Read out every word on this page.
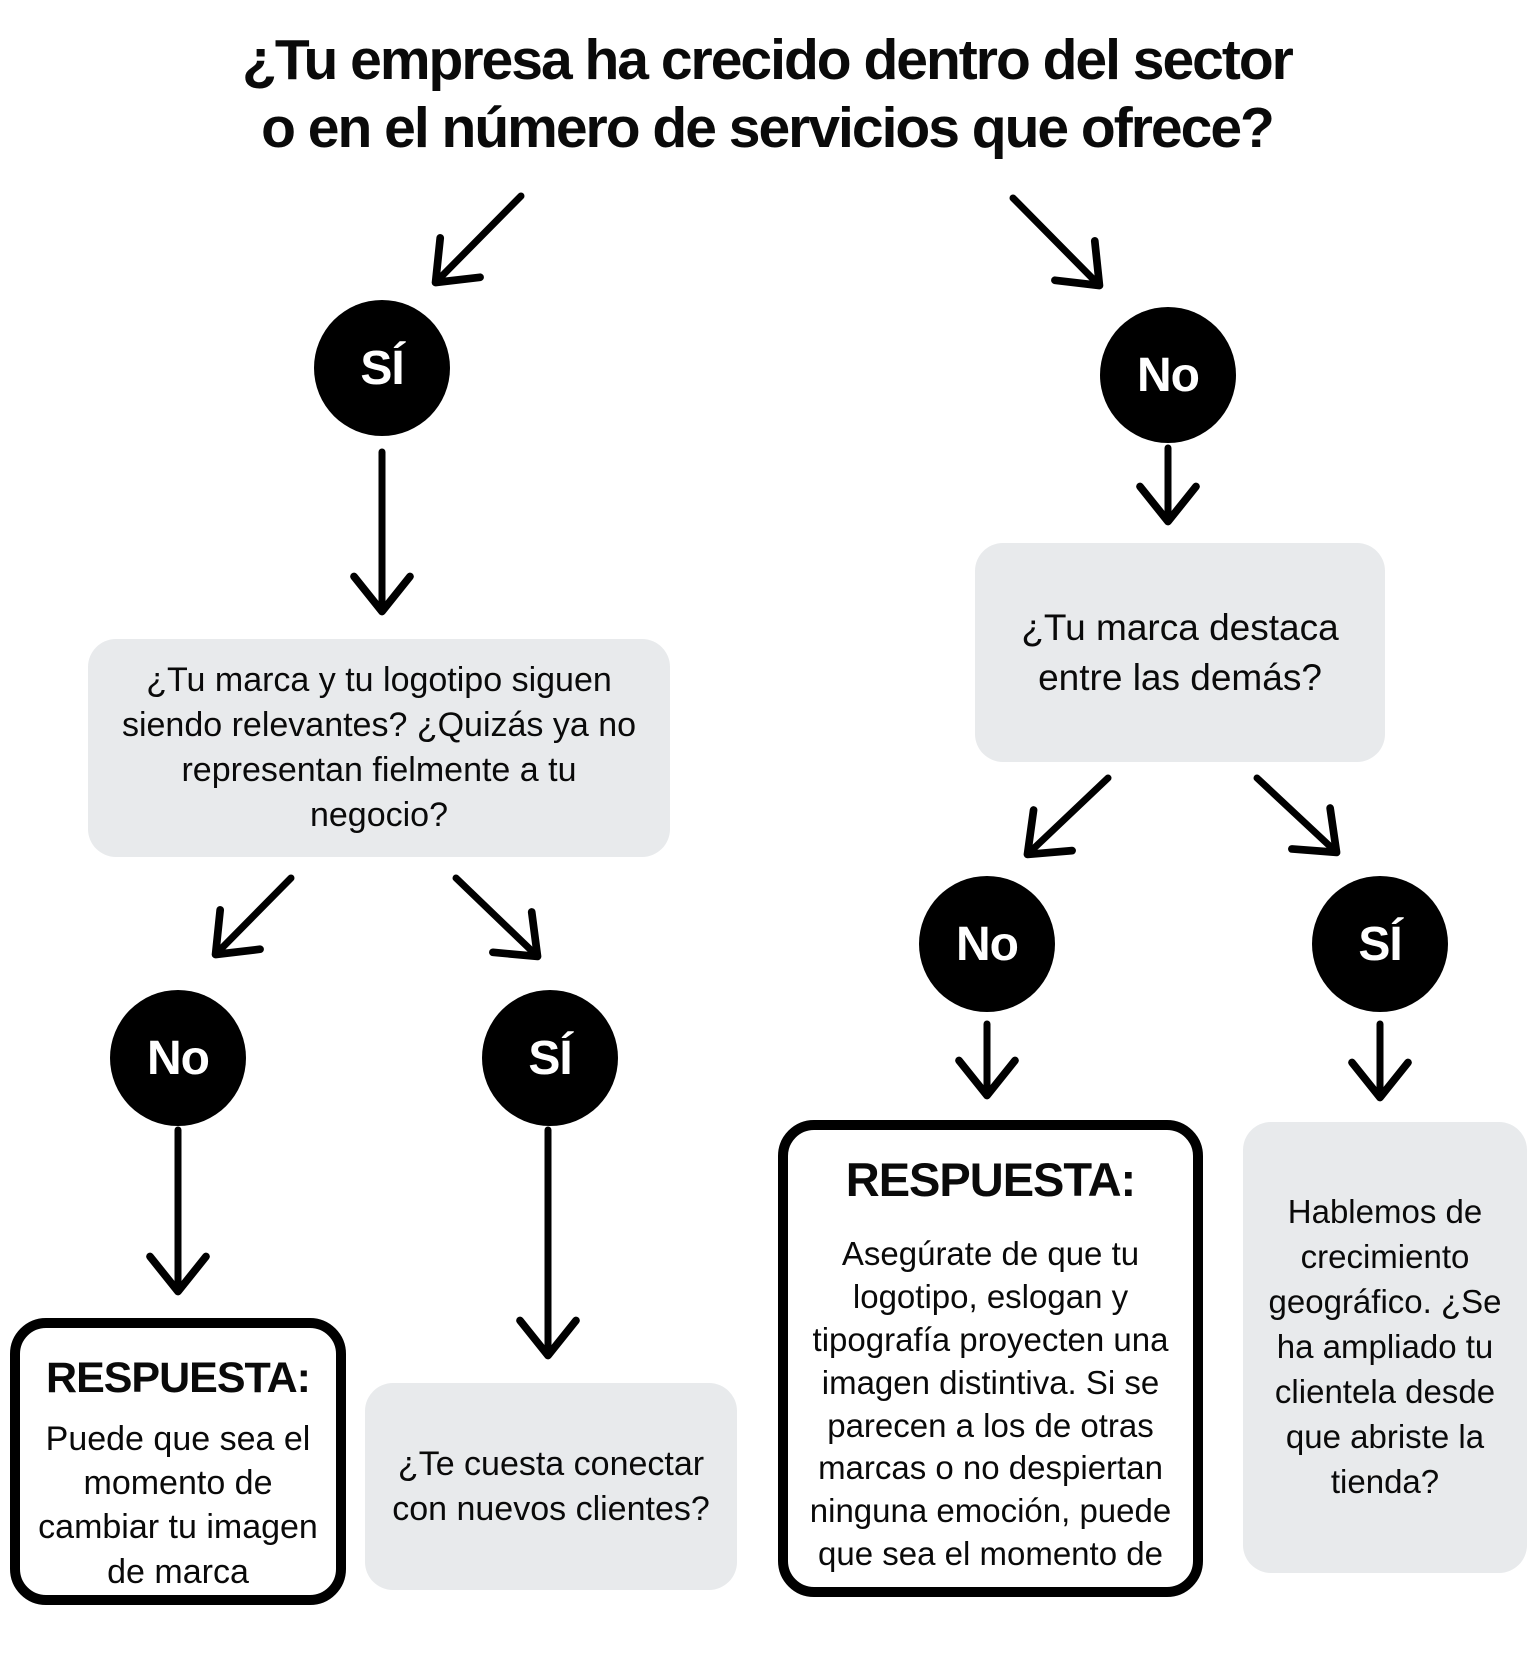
¿Tu empresa ha crecido dentro del sector
o en el número de servicios que ofrece?
SÍ	No
¿Tu marca y tu logotipo siguen siendo relevantes? ¿Quizás ya no representan fielmente a tu negocio?
¿Tu marca destaca entre las demás?
No	SÍ
No	SÍ
RESPUESTA:
Puede que sea el momento de cambiar tu imagen de marca
¿Te cuesta conectar con nuevos clientes?
RESPUESTA:
Asegúrate de que tu logotipo, eslogan y tipografía proyecten una imagen distintiva. Si se parecen a los de otras marcas o no despiertan ninguna emoción, puede que sea el momento de
Hablemos de crecimiento geográfico. ¿Se ha ampliado tu clientela desde que abriste la tienda?
